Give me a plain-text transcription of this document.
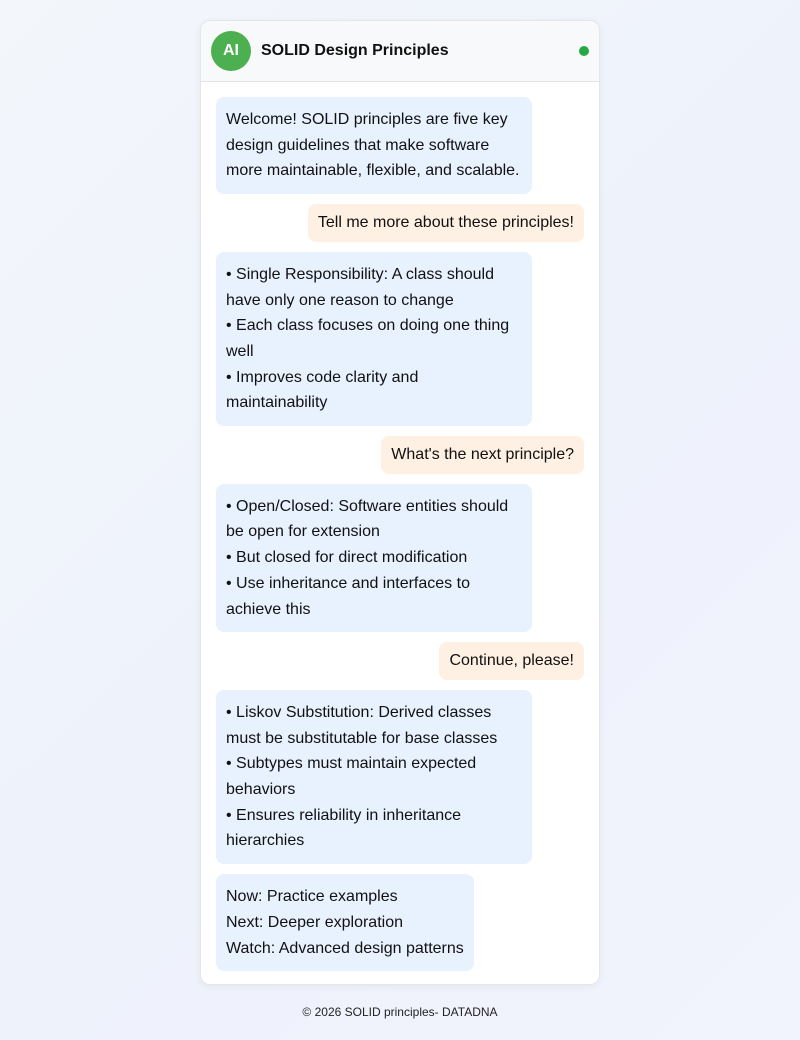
AI	SOLID Design Principles
Welcome! SOLID principles are five key design guidelines that make software more maintainable, flexible, and scalable.
Tell me more about these principles!
• Single Responsibility: A class should have only one reason to change
• Each class focuses on doing one thing well
• Improves code clarity and maintainability
What's the next principle?
• Open/Closed: Software entities should be open for extension
• But closed for direct modification
• Use inheritance and interfaces to achieve this
Continue, please!
• Liskov Substitution: Derived classes must be substitutable for base classes
• Subtypes must maintain expected behaviors
• Ensures reliability in inheritance hierarchies
Now: Practice examples
Next: Deeper exploration
Watch: Advanced design patterns
© 2026 SOLID principles- DATADNA
